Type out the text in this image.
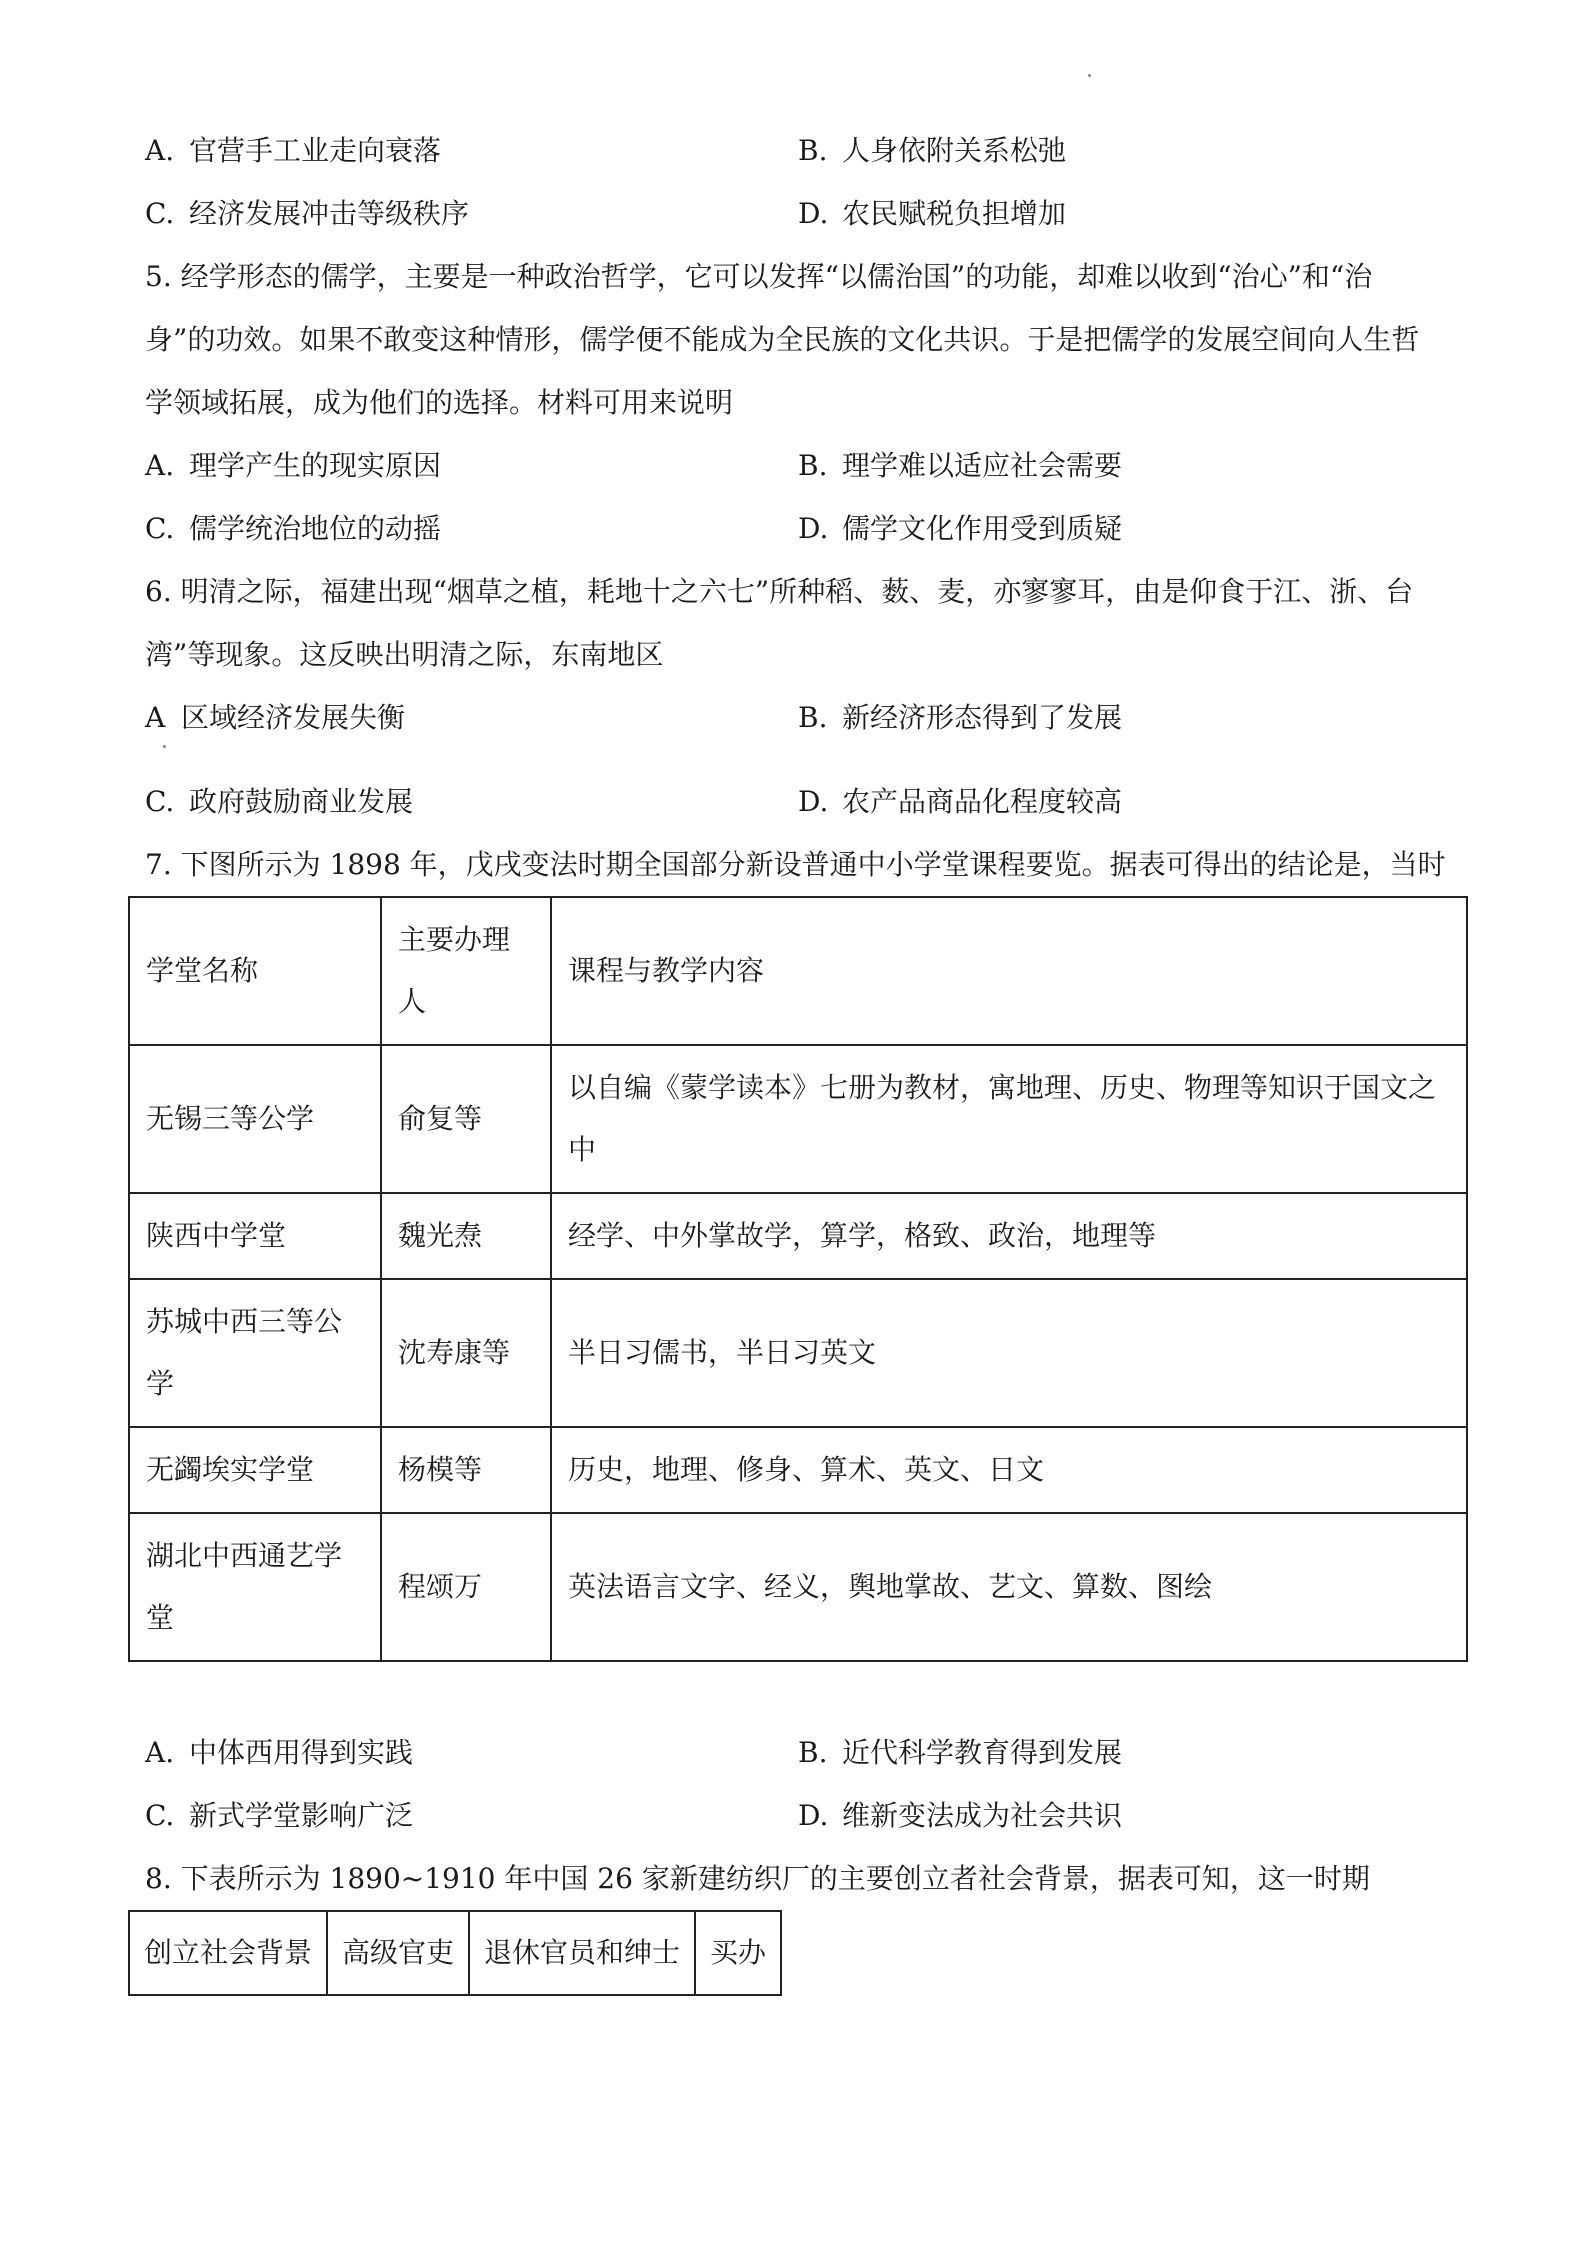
A. 官营手工业走向衰落	B. 人身依附关系松弛
C. 经济发展冲击等级秩序	D. 农民赋税负担增加
5. 经学形态的儒学，主要是一种政治哲学，它可以发挥“以儒治国”的功能，却难以收到“治心”和“治
身”的功效。如果不敢变这种情形，儒学便不能成为全民族的文化共识。于是把儒学的发展空间向人生哲
学领域拓展，成为他们的选择。材料可用来说明
A. 理学产生的现实原因	B. 理学难以适应社会需要
C. 儒学统治地位的动摇	D. 儒学文化作用受到质疑
6. 明清之际，福建出现“烟草之植，耗地十之六七”所种稻、薮、麦，亦寥寥耳，由是仰食于江、浙、台
湾”等现象。这反映出明清之际，东南地区
A 区域经济发展失衡	B. 新经济形态得到了发展
C. 政府鼓励商业发展	D. 农产品商品化程度较高
7. 下图所示为 1898 年，戊戌变法时期全国部分新设普通中小学堂课程要览。据表可得出的结论是，当时
学堂名称	主要办理人	课程与教学内容

无锡三等公学	俞复等	以自编《蒙学读本》七册为教材，寓地理、历史、物理等知识于国文之中

陕西中学堂	魏光焘	经学、中外掌故学，算学，格致、政治，地理等

苏城中西三等公学	沈寿康等	半日习儒书，半日习英文

无蠲埃实学堂	杨模等	历史，地理、修身、算术、英文、日文

湖北中西通艺学堂	程颂万	英法语言文字、经义，舆地掌故、艺文、算数、图绘
A. 中体西用得到实践	B. 近代科学教育得到发展
C. 新式学堂影响广泛	D. 维新变法成为社会共识
8. 下表所示为 1890~1910 年中国 26 家新建纺织厂的主要创立者社会背景，据表可知，这一时期
创立社会背景	高级官吏	退休官员和绅士	买办
